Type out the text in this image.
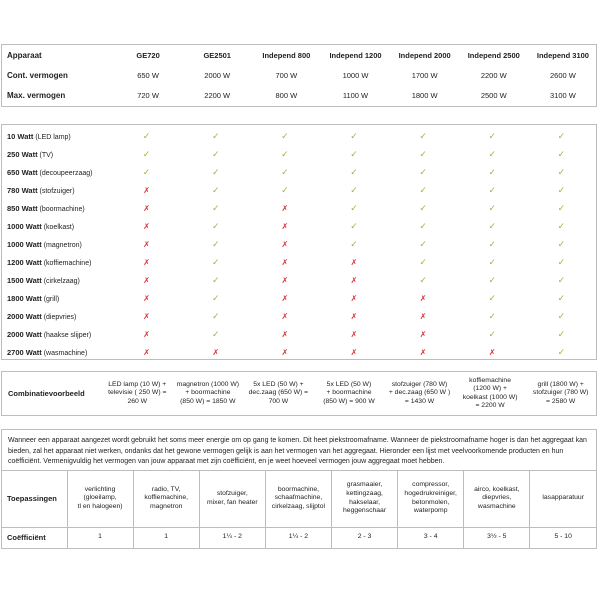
Apparaat	GE720	GE2501	Independ 800	Independ 1200	Independ 2000	Independ 2500	Independ 3100
Cont. vermogen	650 W	2000 W	700 W	1000 W	1700 W	2200 W	2600 W
Max. vermogen	720 W	2200 W	800 W	1100 W	1800 W	2500 W	3100 W
10 Watt (LED lamp)	✓	✓	✓	✓	✓	✓	✓
250 Watt (TV)	✓	✓	✓	✓	✓	✓	✓
650 Watt (decoupeerzaag)	✓	✓	✓	✓	✓	✓	✓
780 Watt (stofzuiger)	✗	✓	✓	✓	✓	✓	✓
850 Watt (boormachine)	✗	✓	✗	✓	✓	✓	✓
1000 Watt (koelkast)	✗	✓	✗	✓	✓	✓	✓
1000 Watt (magnetron)	✗	✓	✗	✓	✓	✓	✓
1200 Watt (koffiemachine)	✗	✓	✗	✗	✓	✓	✓
1500 Watt (cirkelzaag)	✗	✓	✗	✗	✓	✓	✓
1800 Watt (grill)	✗	✓	✗	✗	✗	✓	✓
2000 Watt (diepvries)	✗	✓	✗	✗	✗	✓	✓
2000 Watt (haakse slijper)	✗	✓	✗	✗	✗	✓	✓
2700 Watt (wasmachine)	✗	✗	✗	✗	✗	✗	✓
Combinatievoorbeeld	LED lamp (10 W) +
televisie ( 250 W) =
260 W	magnetron (1000 W)
+ boormachine
(850 W) = 1850 W	5x LED (50 W) +
dec.zaag (650 W) =
700 W	5x LED (50 W)
+ boormachine
(850 W) = 900 W	stofzuiger (780 W)
+ dec.zaag (650 W )
= 1430 W	koffiemachine
(1200 W) +
koelkast (1000 W)
= 2200 W	grill (1800 W) +
stofzuiger (780 W)
= 2580 W
Wanneer een apparaat aangezet wordt gebruikt het soms meer energie om op gang te komen. Dit heet piekstroomafname. Wanneer de piekstroomafname hoger is dan het aggregaat kan bieden, zal het apparaat niet werken, ondanks dat het gewone vermogen gelijk is aan het vermogen van het aggregaat. Hieronder een lijst met veelvoorkomende producten en hun coëfficiënt. Vermenigvuldig het vermogen van jouw apparaat met zijn coëfficiënt, en je weet hoeveel vermogen jouw aggregaat moet hebben.
Toepassingen	verlichting
(gloeilamp,
tl en halogeen)	radio, TV,
koffiemachine,
magnetron	stofzuiger,
mixer, fan heater	boormachine,
schaafmachine,
cirkelzaag, slijptol	grasmaaier,
kettingzaag,
hakselaar,
heggenschaar	compressor,
hogedrukreiniger,
betonmolen,
waterpomp	airco, koelkast,
diepvries,
wasmachine	lasapparatuur
Coëfficiënt	1	1	1¼ - 2	1¼ - 2	2 - 3	3 - 4	3½ - 5	5 - 10
